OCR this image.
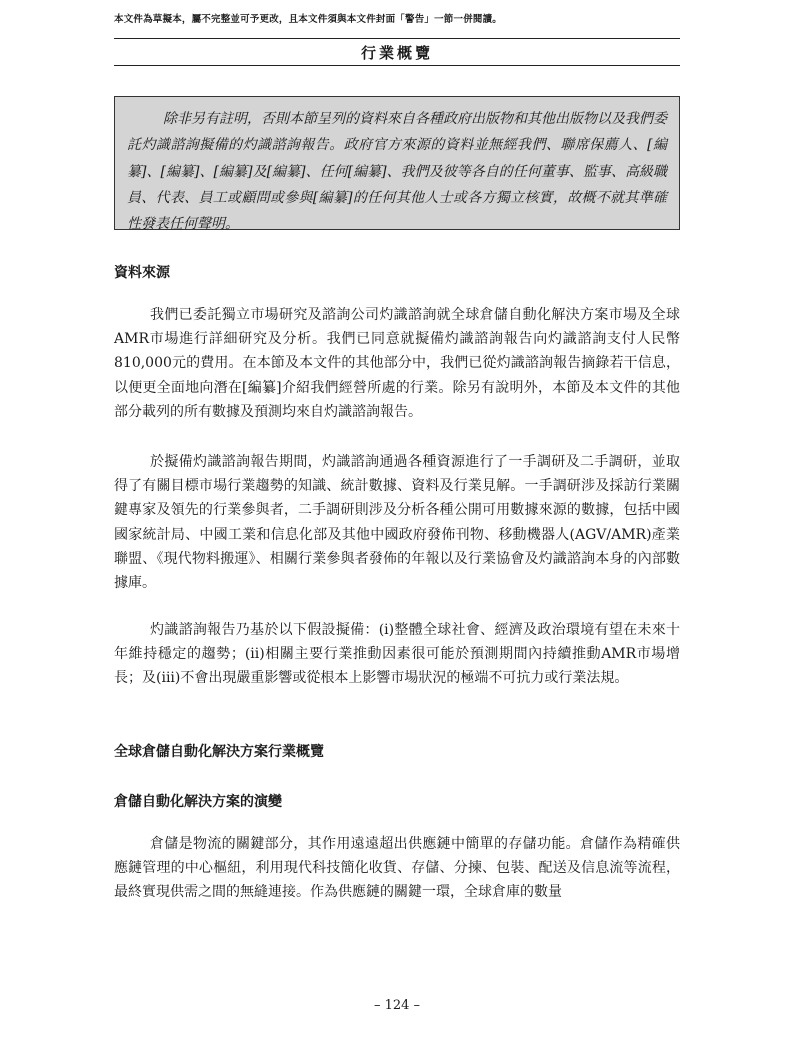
本文件為草擬本，屬不完整並可予更改，且本文件須與本文件封面「警告」一節一併閱讀。
行業概覽

除非另有註明，否則本節呈列的資料來自各種政府出版物和其他出版物以及我們委託灼識諮詢擬備的灼識諮詢報告。政府官方來源的資料並無經我們、聯席保薦人、[編纂]、[編纂]、[編纂]及[編纂]、任何[編纂]、我們及彼等各自的任何董事、監事、高級職員、代表、員工或顧問或參與[編纂]的任何其他人士或各方獨立核實，故概不就其準確性發表任何聲明。

資料來源

我們已委託獨立市場研究及諮詢公司灼識諮詢就全球倉儲自動化解決方案市場及全球AMR市場進行詳細研究及分析。我們已同意就擬備灼識諮詢報告向灼識諮詢支付人民幣810,000元的費用。在本節及本文件的其他部分中，我們已從灼識諮詢報告摘錄若干信息，以便更全面地向潛在[編纂]介紹我們經營所處的行業。除另有說明外，本節及本文件的其他部分載列的所有數據及預測均來自灼識諮詢報告。

於擬備灼識諮詢報告期間，灼識諮詢通過各種資源進行了一手調研及二手調研，並取得了有關目標市場行業趨勢的知識、統計數據、資料及行業見解。一手調研涉及採訪行業關鍵專家及領先的行業參與者，二手調研則涉及分析各種公開可用數據來源的數據，包括中國國家統計局、中國工業和信息化部及其他中國政府發佈刊物、移動機器人(AGV/AMR)產業聯盟、《現代物料搬運》、相關行業參與者發佈的年報以及行業協會及灼識諮詢本身的內部數據庫。

灼識諮詢報告乃基於以下假設擬備：(i)整體全球社會、經濟及政治環境有望在未來十年維持穩定的趨勢；(ii)相關主要行業推動因素很可能於預測期間內持續推動AMR市場增長；及(iii)不會出現嚴重影響或從根本上影響市場狀況的極端不可抗力或行業法規。

全球倉儲自動化解決方案行業概覽
倉儲自動化解決方案的演變

倉儲是物流的關鍵部分，其作用遠遠超出供應鏈中簡單的存儲功能。倉儲作為精確供應鏈管理的中心樞紐，利用現代科技簡化收貨、存儲、分揀、包裝、配送及信息流等流程，最終實現供需之間的無縫連接。作為供應鏈的關鍵一環，全球倉庫的數量

– 124 –
